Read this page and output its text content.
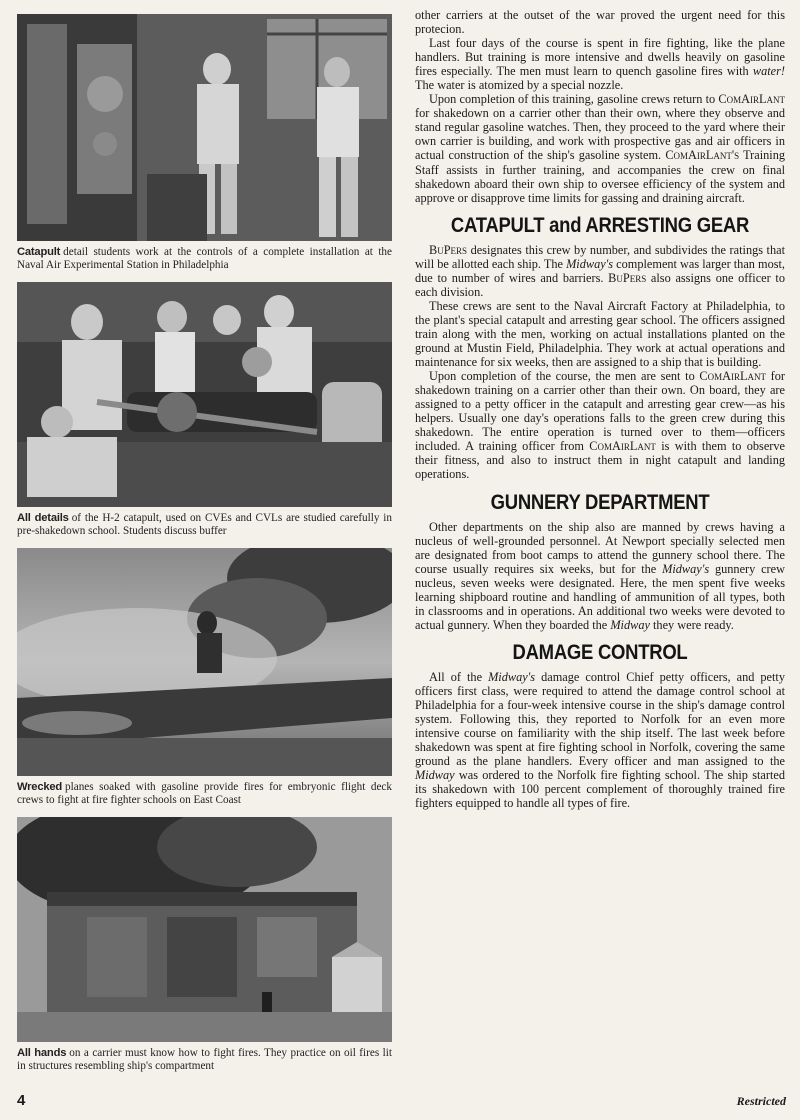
Catapult detail students work at the controls of a complete installation at the Naval Air Experimental Station in Philadelphia
All details of the H-2 catapult, used on CVEs and CVLs are studied carefully in pre-shakedown school. Students discuss buffer
Wrecked planes soaked with gasoline provide fires for embryonic flight deck crews to fight at fire fighter schools on East Coast
All hands on a carrier must know how to fight fires. They practice on oil fires lit in structures resembling ship's compartment

other carriers at the outset of the war proved the urgent need for this protecion.

Last four days of the course is spent in fire fighting, like the plane handlers. But training is more intensive and dwells heavily on gasoline fires especially. The men must learn to quench gasoline fires with water! The water is atomized by a special nozzle.

Upon completion of this training, gasoline crews return to ComAirLant for shakedown on a carrier other than their own, where they observe and stand regular gasoline watches. Then, they proceed to the yard where their own carrier is building, and work with prospective gas and air officers in actual construction of the ship's gasoline system. ComAirLant's Training Staff assists in further training, and accompanies the crew on final shakedown aboard their own ship to oversee efficiency of the system and approve or disapprove time limits for gassing and draining aircraft.

CATAPULT and ARRESTING GEAR

BuPers designates this crew by number, and subdivides the ratings that will be allotted each ship. The Midway's complement was larger than most, due to number of wires and barriers. BuPers also assigns one officer to each division.

These crews are sent to the Naval Aircraft Factory at Philadelphia, to the plant's special catapult and arresting gear school. The officers assigned train along with the men, working on actual installations planted on the ground at Mustin Field, Philadelphia. They work at actual operations and maintenance for six weeks, then are assigned to a ship that is building.

Upon completion of the course, the men are sent to ComAirLant for shakedown training on a carrier other than their own. On board, they are assigned to a petty officer in the catapult and arresting gear crew—as his helpers. Usually one day's operations falls to the green crew during this shakedown. The entire operation is turned over to them—officers included. A training officer from ComAirLant is with them to observe their fitness, and also to instruct them in night catapult and landing operations.

GUNNERY DEPARTMENT

Other departments on the ship also are manned by crews having a nucleus of well-grounded personnel. At Newport specially selected men are designated from boot camps to attend the gunnery school there. The course usually requires six weeks, but for the Midway's gunnery crew nucleus, seven weeks were designated. Here, the men spent five weeks learning shipboard routine and handling of ammunition of all types, both in classrooms and in operations. An additional two weeks were devoted to actual gunnery. When they boarded the Midway they were ready.

DAMAGE CONTROL

All of the Midway's damage control Chief petty officers, and petty officers first class, were required to attend the damage control school at Philadelphia for a four-week intensive course in the ship's damage control system. Following this, they reported to Norfolk for an even more intensive course on familiarity with the ship itself. The last week before shakedown was spent at fire fighting school in Norfolk, covering the same ground as the plane handlers. Every officer and man assigned to the Midway was ordered to the Norfolk fire fighting school. The ship started its shakedown with 100 percent complement of thoroughly trained fire fighters equipped to handle all types of fire.

4	Restricted
